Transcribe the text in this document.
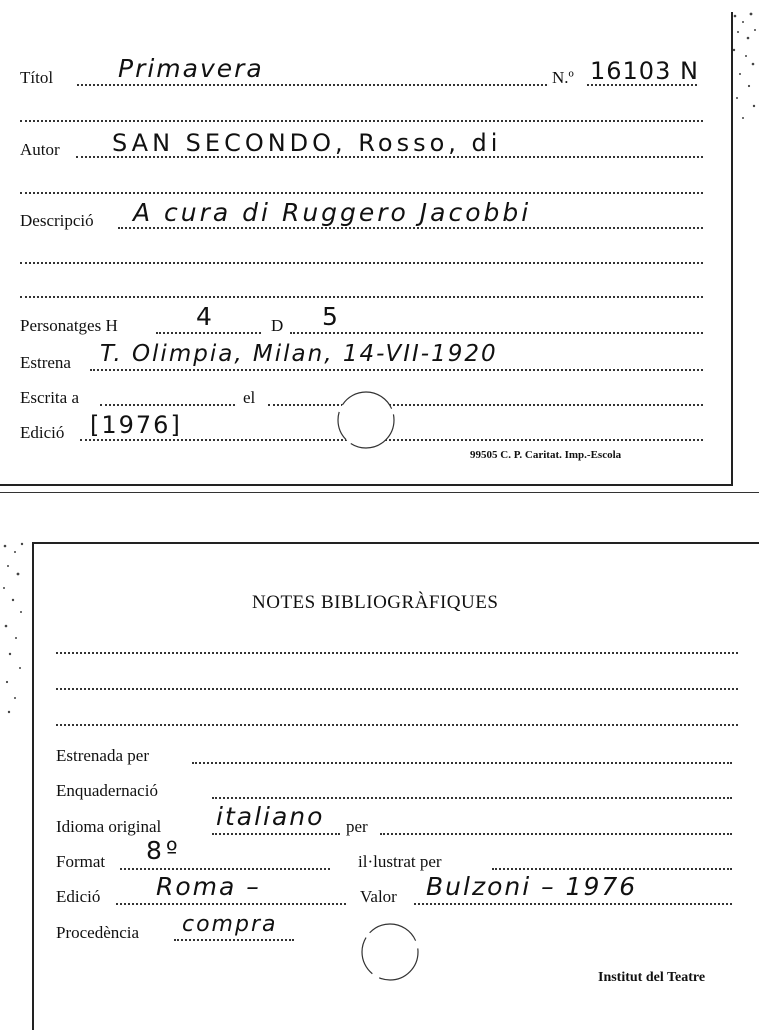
Títol	Primavera	N.º 16103 N
Autor SAN SECONDO, Rosso, di
Descripció A cura di Ruggero Jacobbi
Personatges H	4	D 5
Estrena T. Olimpia, Milan, 14-VII-1920
Escrita a	el
Edició [1976]
99505 C. P. Caritat. Imp.-Escola
NOTES BIBLIOGRÀFIQUES
Estrenada per
Enquadernació
Idioma original italiano per
Format 8º	il·lustrat per
Edició Roma –	Valor Bulzoni – 1976
Procedència compra
Institut del Teatre
